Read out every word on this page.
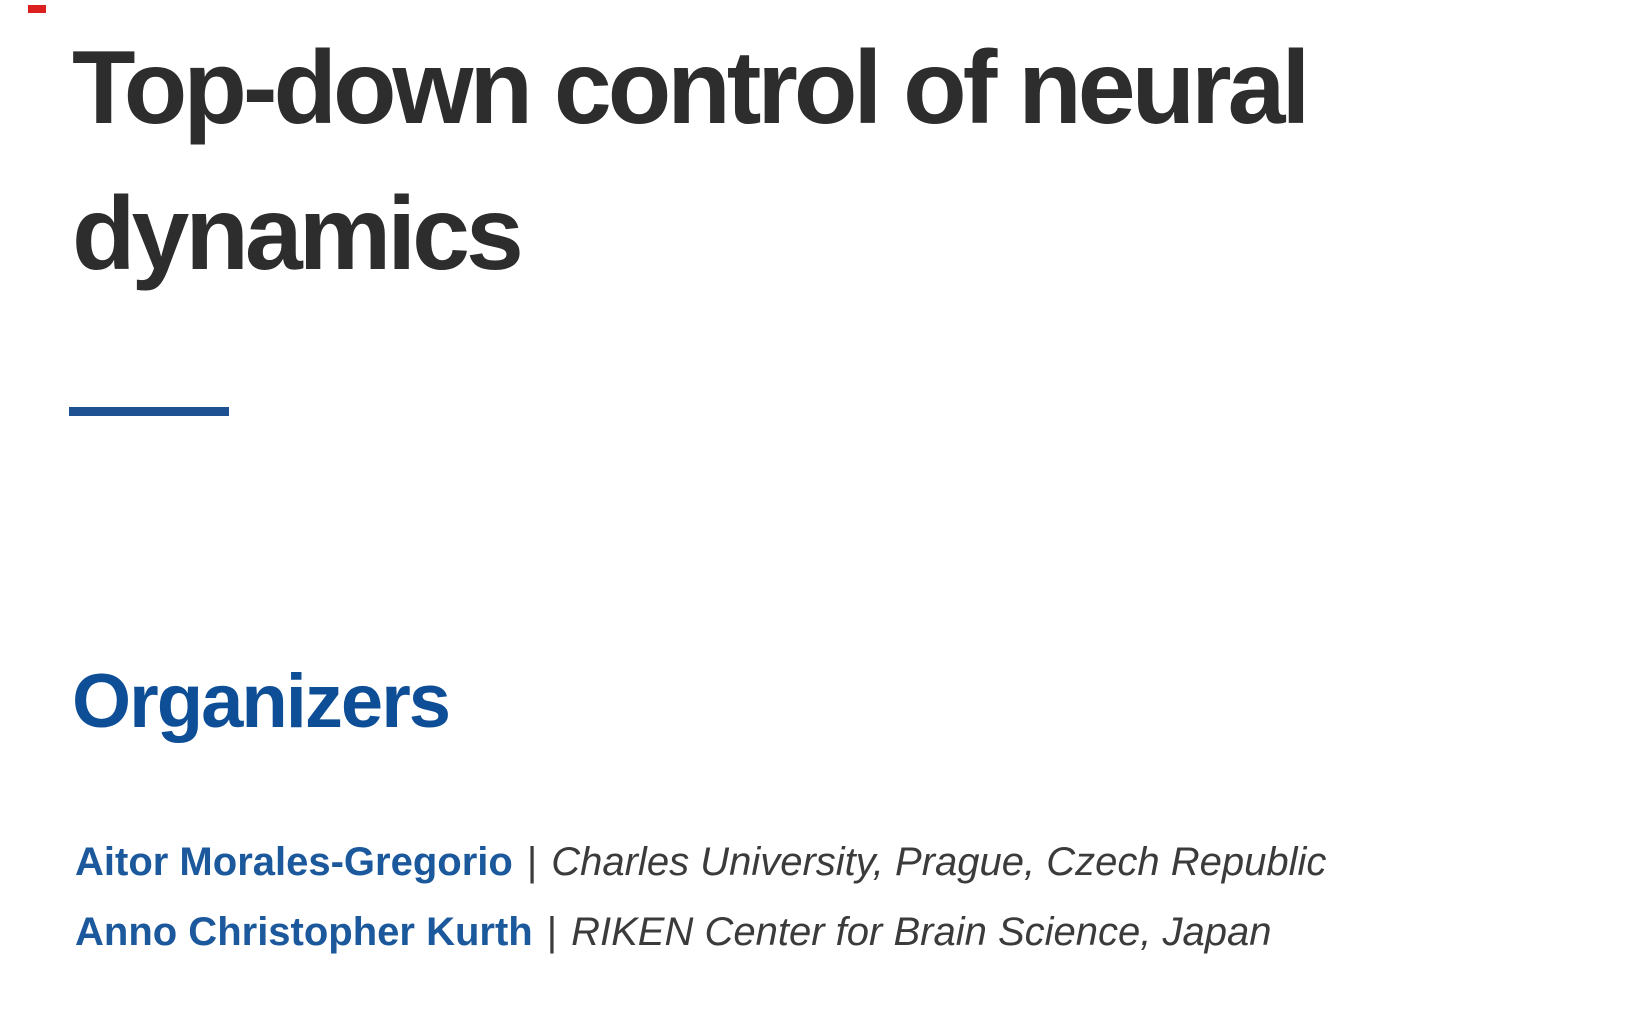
Top-down control of neural
dynamics
Organizers
Aitor Morales-Gregorio | Charles University, Prague, Czech Republic
Anno Christopher Kurth | RIKEN Center for Brain Science, Japan
